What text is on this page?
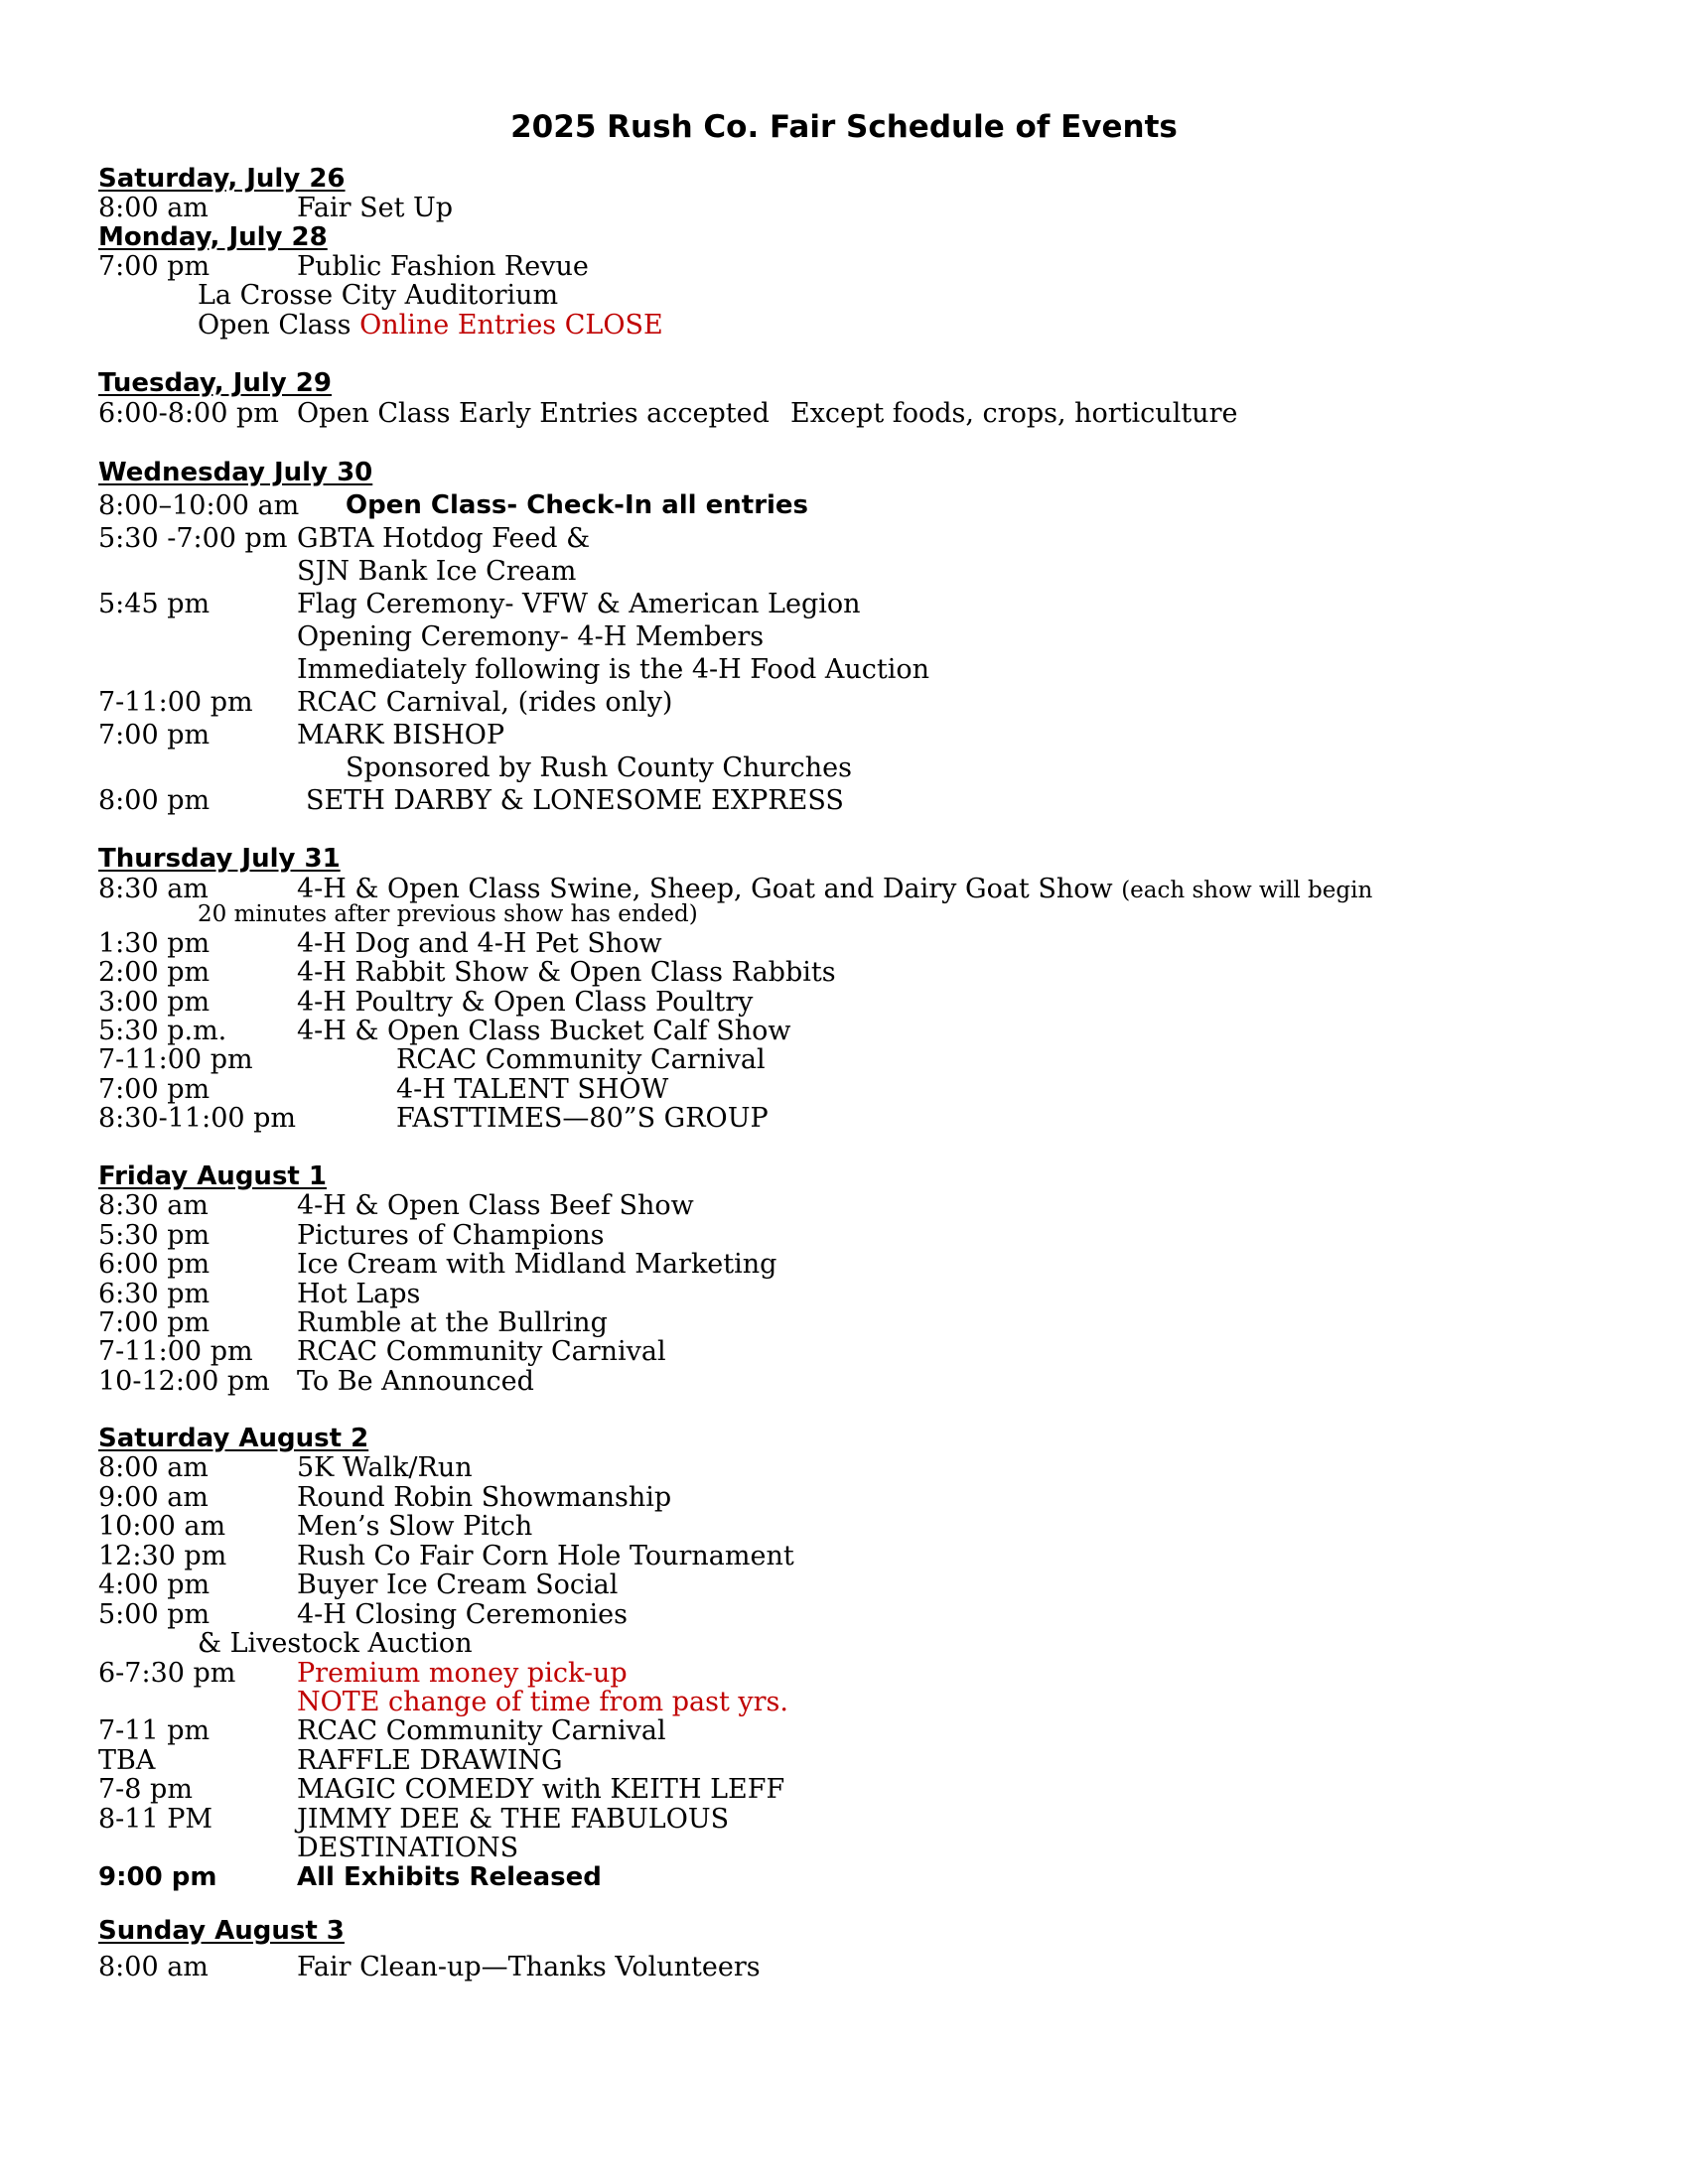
2025 Rush Co. Fair Schedule of Events
Saturday, July 26
8:00 am	Fair Set Up
Monday, July 28
7:00 pm	Public Fashion Revue
La Crosse City Auditorium
Open Class Online Entries CLOSE
Tuesday, July 29
6:00-8:00 pm Open Class Early Entries accepted Except foods, crops, horticulture
Wednesday July 30
8:00–10:00 am Open Class- Check-In all entries
5:30 -7:00 pm GBTA Hotdog Feed &
SJN Bank Ice Cream
5:45 pm	Flag Ceremony- VFW & American Legion
Opening Ceremony- 4-H Members
Immediately following is the 4-H Food Auction
7-11:00 pm RCAC Carnival, (rides only)
7:00 pm	MARK BISHOP
Sponsored by Rush County Churches
8:00 pm	SETH DARBY & LONESOME EXPRESS
Thursday July 31
8:30 am	4-H & Open Class Swine, Sheep, Goat and Dairy Goat Show (each show will begin
20 minutes after previous show has ended)
1:30 pm	4-H Dog and 4-H Pet Show
2:00 pm	4-H Rabbit Show & Open Class Rabbits
3:00 pm	4-H Poultry & Open Class Poultry
5:30 p.m.	4-H & Open Class Bucket Calf Show
7-11:00 pm	RCAC Community Carnival
7:00 pm	4-H TALENT SHOW
8:30-11:00 pm	FASTTIMES—80”S GROUP
Friday August 1
8:30 am	4-H & Open Class Beef Show
5:30 pm	Pictures of Champions
6:00 pm	Ice Cream with Midland Marketing
6:30 pm	Hot Laps
7:00 pm	Rumble at the Bullring
7-11:00 pm RCAC Community Carnival
10-12:00 pm To Be Announced
Saturday August 2
8:00 am	5K Walk/Run
9:00 am	Round Robin Showmanship
10:00 am	Men’s Slow Pitch
12:30 pm	Rush Co Fair Corn Hole Tournament
4:00 pm	Buyer Ice Cream Social
5:00 pm	4-H Closing Ceremonies
& Livestock Auction
6-7:30 pm Premium money pick-up
NOTE change of time from past yrs.
7-11 pm	RCAC Community Carnival
TBA	RAFFLE DRAWING
7-8 pm	MAGIC COMEDY with KEITH LEFF
8-11 PM	JIMMY DEE & THE FABULOUS
DESTINATIONS
9:00 pm	All Exhibits Released
Sunday August 3
8:00 am	Fair Clean-up—Thanks Volunteers
